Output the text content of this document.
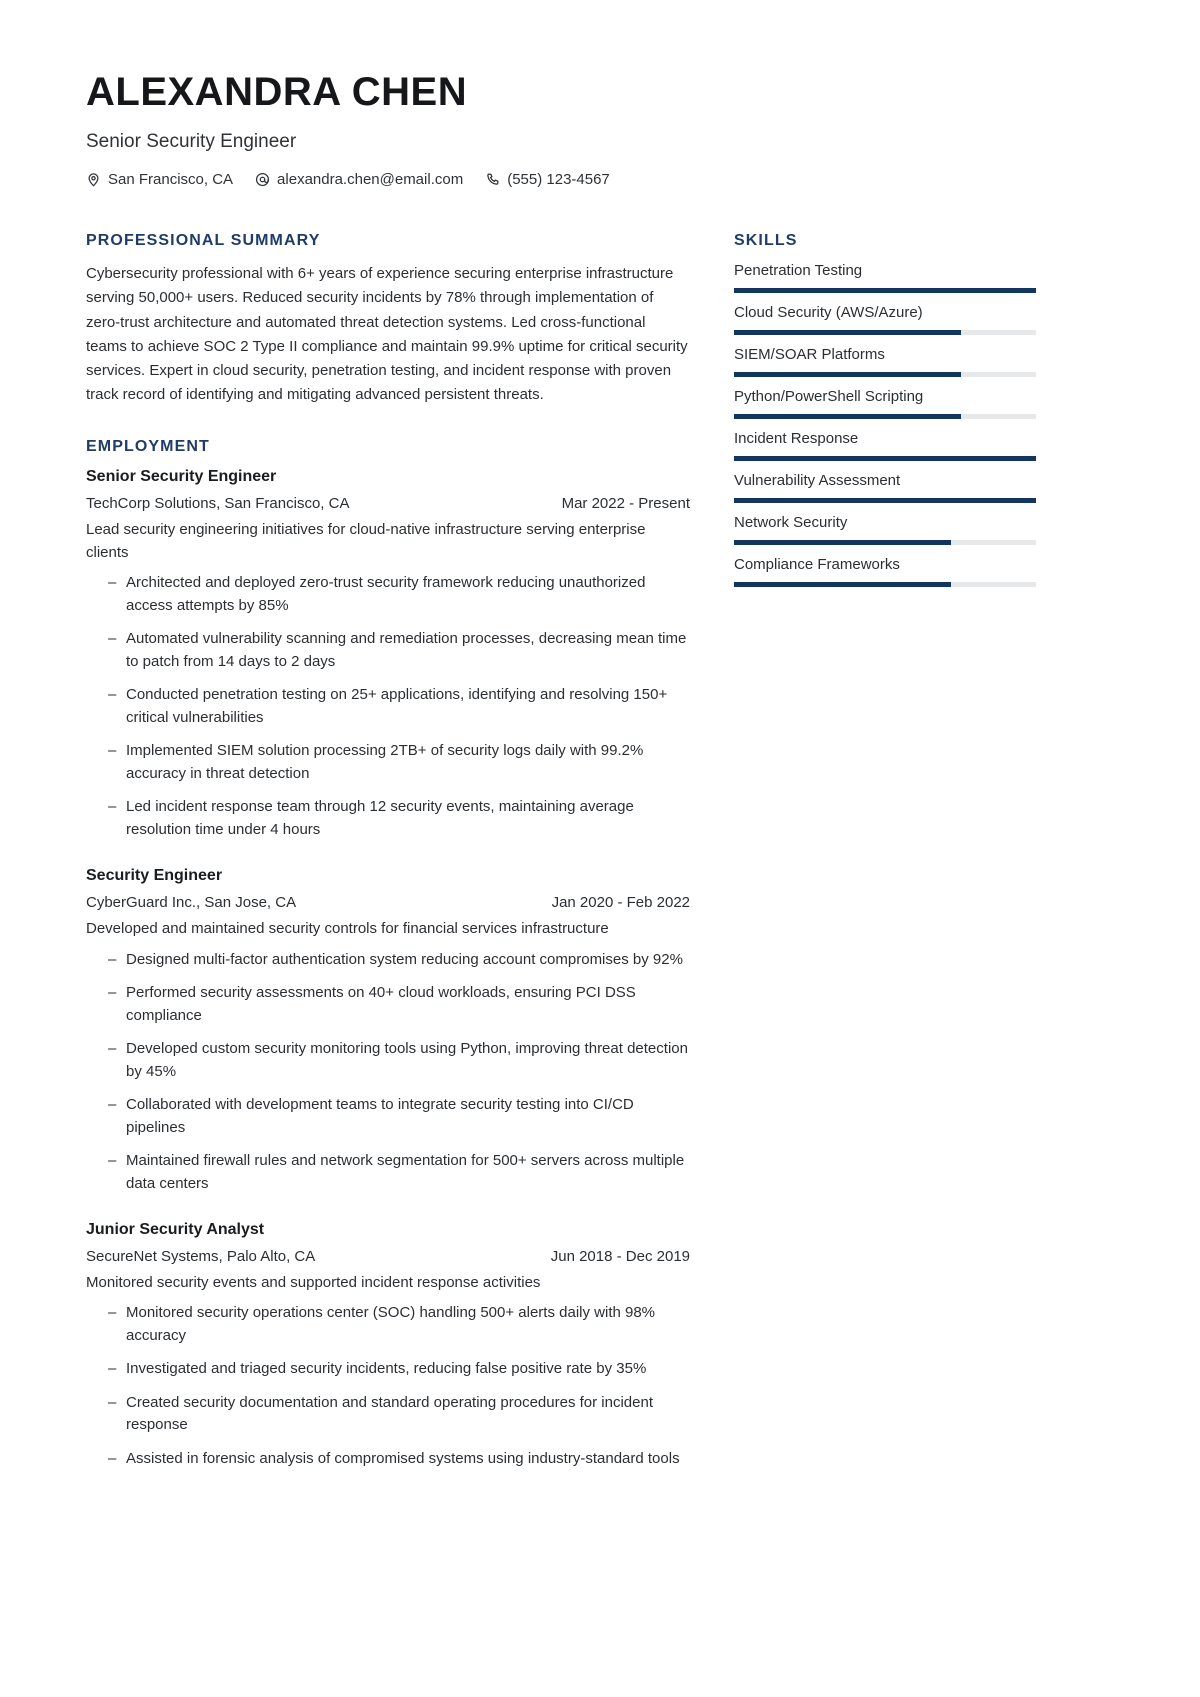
ALEXANDRA CHEN
Senior Security Engineer
San Francisco, CA	alexandra.chen@email.com	(555) 123-4567
PROFESSIONAL SUMMARY

Cybersecurity professional with 6+ years of experience securing enterprise infrastructure serving 50,000+ users. Reduced security incidents by 78% through implementation of zero-trust architecture and automated threat detection systems. Led cross-functional teams to achieve SOC 2 Type II compliance and maintain 99.9% uptime for critical security services. Expert in cloud security, penetration testing, and incident response with proven track record of identifying and mitigating advanced persistent threats.

EMPLOYMENT
Senior Security Engineer
TechCorp Solutions, San Francisco, CA	Mar 2022 - Present
Lead security engineering initiatives for cloud-native infrastructure serving enterprise clients
– Architected and deployed zero-trust security framework reducing unauthorized access attempts by 85%
– Automated vulnerability scanning and remediation processes, decreasing mean time to patch from 14 days to 2 days
– Conducted penetration testing on 25+ applications, identifying and resolving 150+ critical vulnerabilities
– Implemented SIEM solution processing 2TB+ of security logs daily with 99.2% accuracy in threat detection
– Led incident response team through 12 security events, maintaining average resolution time under 4 hours
Security Engineer
CyberGuard Inc., San Jose, CA	Jan 2020 - Feb 2022
Developed and maintained security controls for financial services infrastructure
– Designed multi-factor authentication system reducing account compromises by 92%
– Performed security assessments on 40+ cloud workloads, ensuring PCI DSS compliance
– Developed custom security monitoring tools using Python, improving threat detection by 45%
– Collaborated with development teams to integrate security testing into CI/CD pipelines
– Maintained firewall rules and network segmentation for 500+ servers across multiple data centers
Junior Security Analyst
SecureNet Systems, Palo Alto, CA	Jun 2018 - Dec 2019
Monitored security events and supported incident response activities
– Monitored security operations center (SOC) handling 500+ alerts daily with 98% accuracy
– Investigated and triaged security incidents, reducing false positive rate by 35%
– Created security documentation and standard operating procedures for incident response
– Assisted in forensic analysis of compromised systems using industry-standard tools
SKILLS
Penetration Testing
Cloud Security (AWS/Azure)
SIEM/SOAR Platforms
Python/PowerShell Scripting
Incident Response
Vulnerability Assessment
Network Security
Compliance Frameworks
